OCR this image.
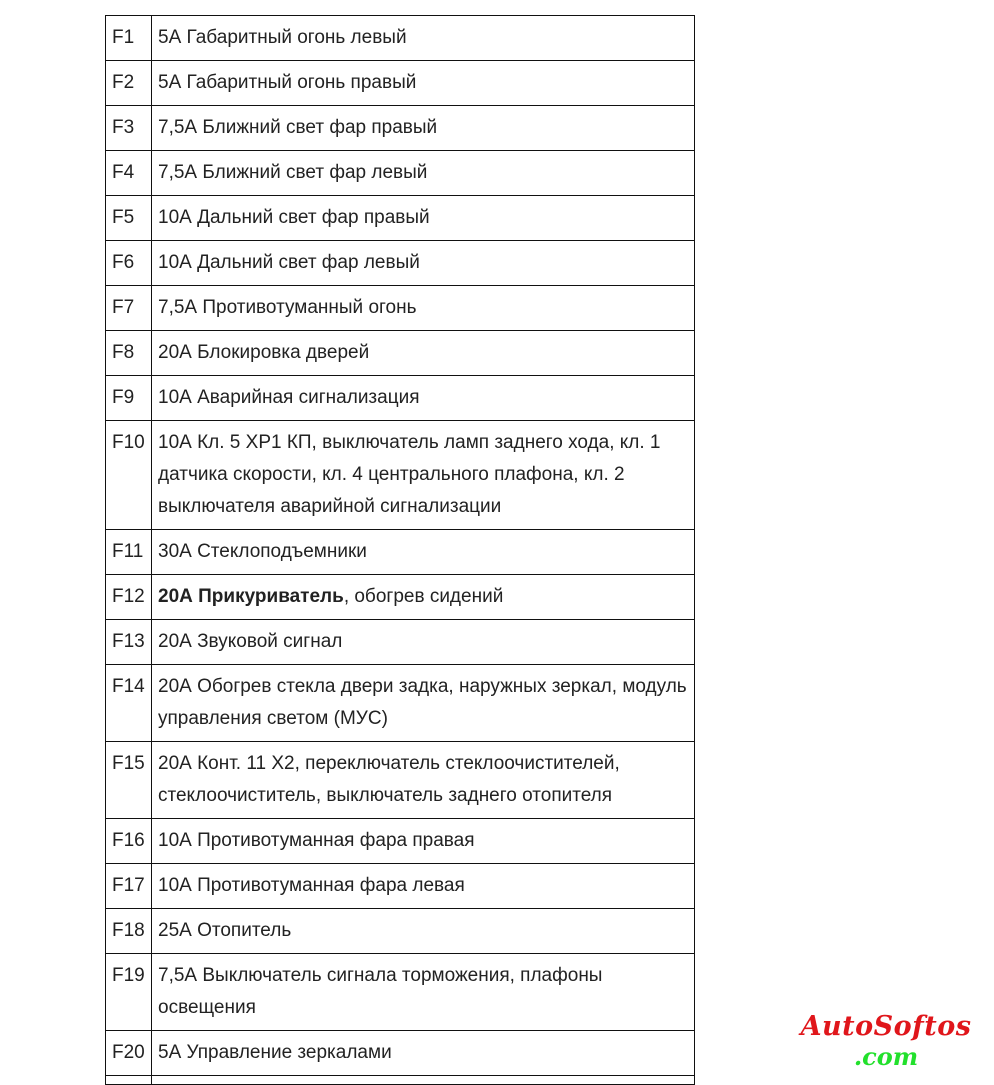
F1	5А Габаритный огонь левый
F2	5А Габаритный огонь правый
F3	7,5А Ближний свет фар правый
F4	7,5А Ближний свет фар левый
F5	10А Дальний свет фар правый
F6	10А Дальний свет фар левый
F7	7,5А Противотуманный огонь
F8	20А Блокировка дверей
F9	10А Аварийная сигнализация
F10	10А Кл. 5 ХР1 КП, выключатель ламп заднего хода, кл. 1 датчика скорости, кл. 4 центрального плафона, кл. 2 выключателя аварийной сигнализации
F11	30А Стеклоподъемники
F12	20А Прикуриватель, обогрев сидений
F13	20А Звуковой сигнал
F14	20А Обогрев стекла двери задка, наружных зеркал, модуль управления светом (МУС)
F15	20А Конт. 11 Х2, переключатель стеклоочистителей, стеклоочиститель, выключатель заднего отопителя
F16	10А Противотуманная фара правая
F17	10А Противотуманная фара левая
F18	25А Отопитель
F19	7,5А Выключатель сигнала торможения, плафоны освещения
F20	5А Управление зеркалами

AutoSoftos
.com
